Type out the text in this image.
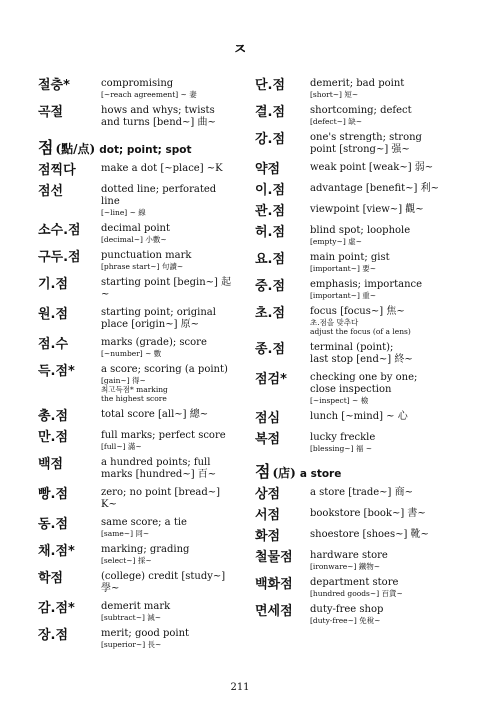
ㅈ
절충*	compromising
[~reach agreement] ~ 妻
곡절	hows and whys; twists
and turns [bend~] 曲~
점 (點/点) dot; point; spot
점찍다	make a dot [~place] ~K
점선	dotted line; perforated line
[~line] ~ 線
소수.점	decimal point
[decimal~] 小數~
구두.점	punctuation mark
[phrase start~] 句讀~
기.점	starting point [begin~] 起~
원.점	starting point; original
place [origin~] 原~
점.수	marks (grade); score
[~number] ~ 數
득.점*	a score; scoring (a point)
[gain~] 得~
최고득점* marking
the highest score
총.점	total score [all~] 總~
만.점	full marks; perfect score
[full~] 滿~
백점	a hundred points; full
marks [hundred~] 百~
빵.점	zero; no point [bread~] K~
동.점	same score; a tie
[same~] 同~
채.점*	marking; grading
[select~] 採~
학점	(college) credit [study~] 學~
감.점*	demerit mark
[subtract~] 減~
장.점	merit; good point
[superior~] 長~
단.점	demerit; bad point
[short~] 短~
결.점	shortcoming; defect
[defect~] 缺~
강.점	one's strength; strong
point [strong~] 强~
약점	weak point [weak~] 弱~
이.점	advantage [benefit~] 利~
관.점	viewpoint [view~] 觀~
허.점	blind spot; loophole
[empty~] 虛~
요.점	main point; gist
[important~] 要~
중.점	emphasis; importance
[important~] 重~
초.점	focus [focus~] 焦~
초.점을 맞추다
adjust the focus (of a lens)
종.점	terminal (point);
last stop [end~] 終~
점검*	checking one by one;
close inspection
[~inspect] ~ 檢
점심	lunch [~mind] ~ 心
복점	lucky freckle
[blessing~] 福 ~
점 (店) a store
상점	a store [trade~] 商~
서점	bookstore [book~] 書~
화점	shoestore [shoes~] 靴~
철물점	hardware store
[ironware~] 鐵物~
백화점	department store
[hundred goods~] 百貨~
면세점	duty-free shop
[duty-free~] 免稅~
211
